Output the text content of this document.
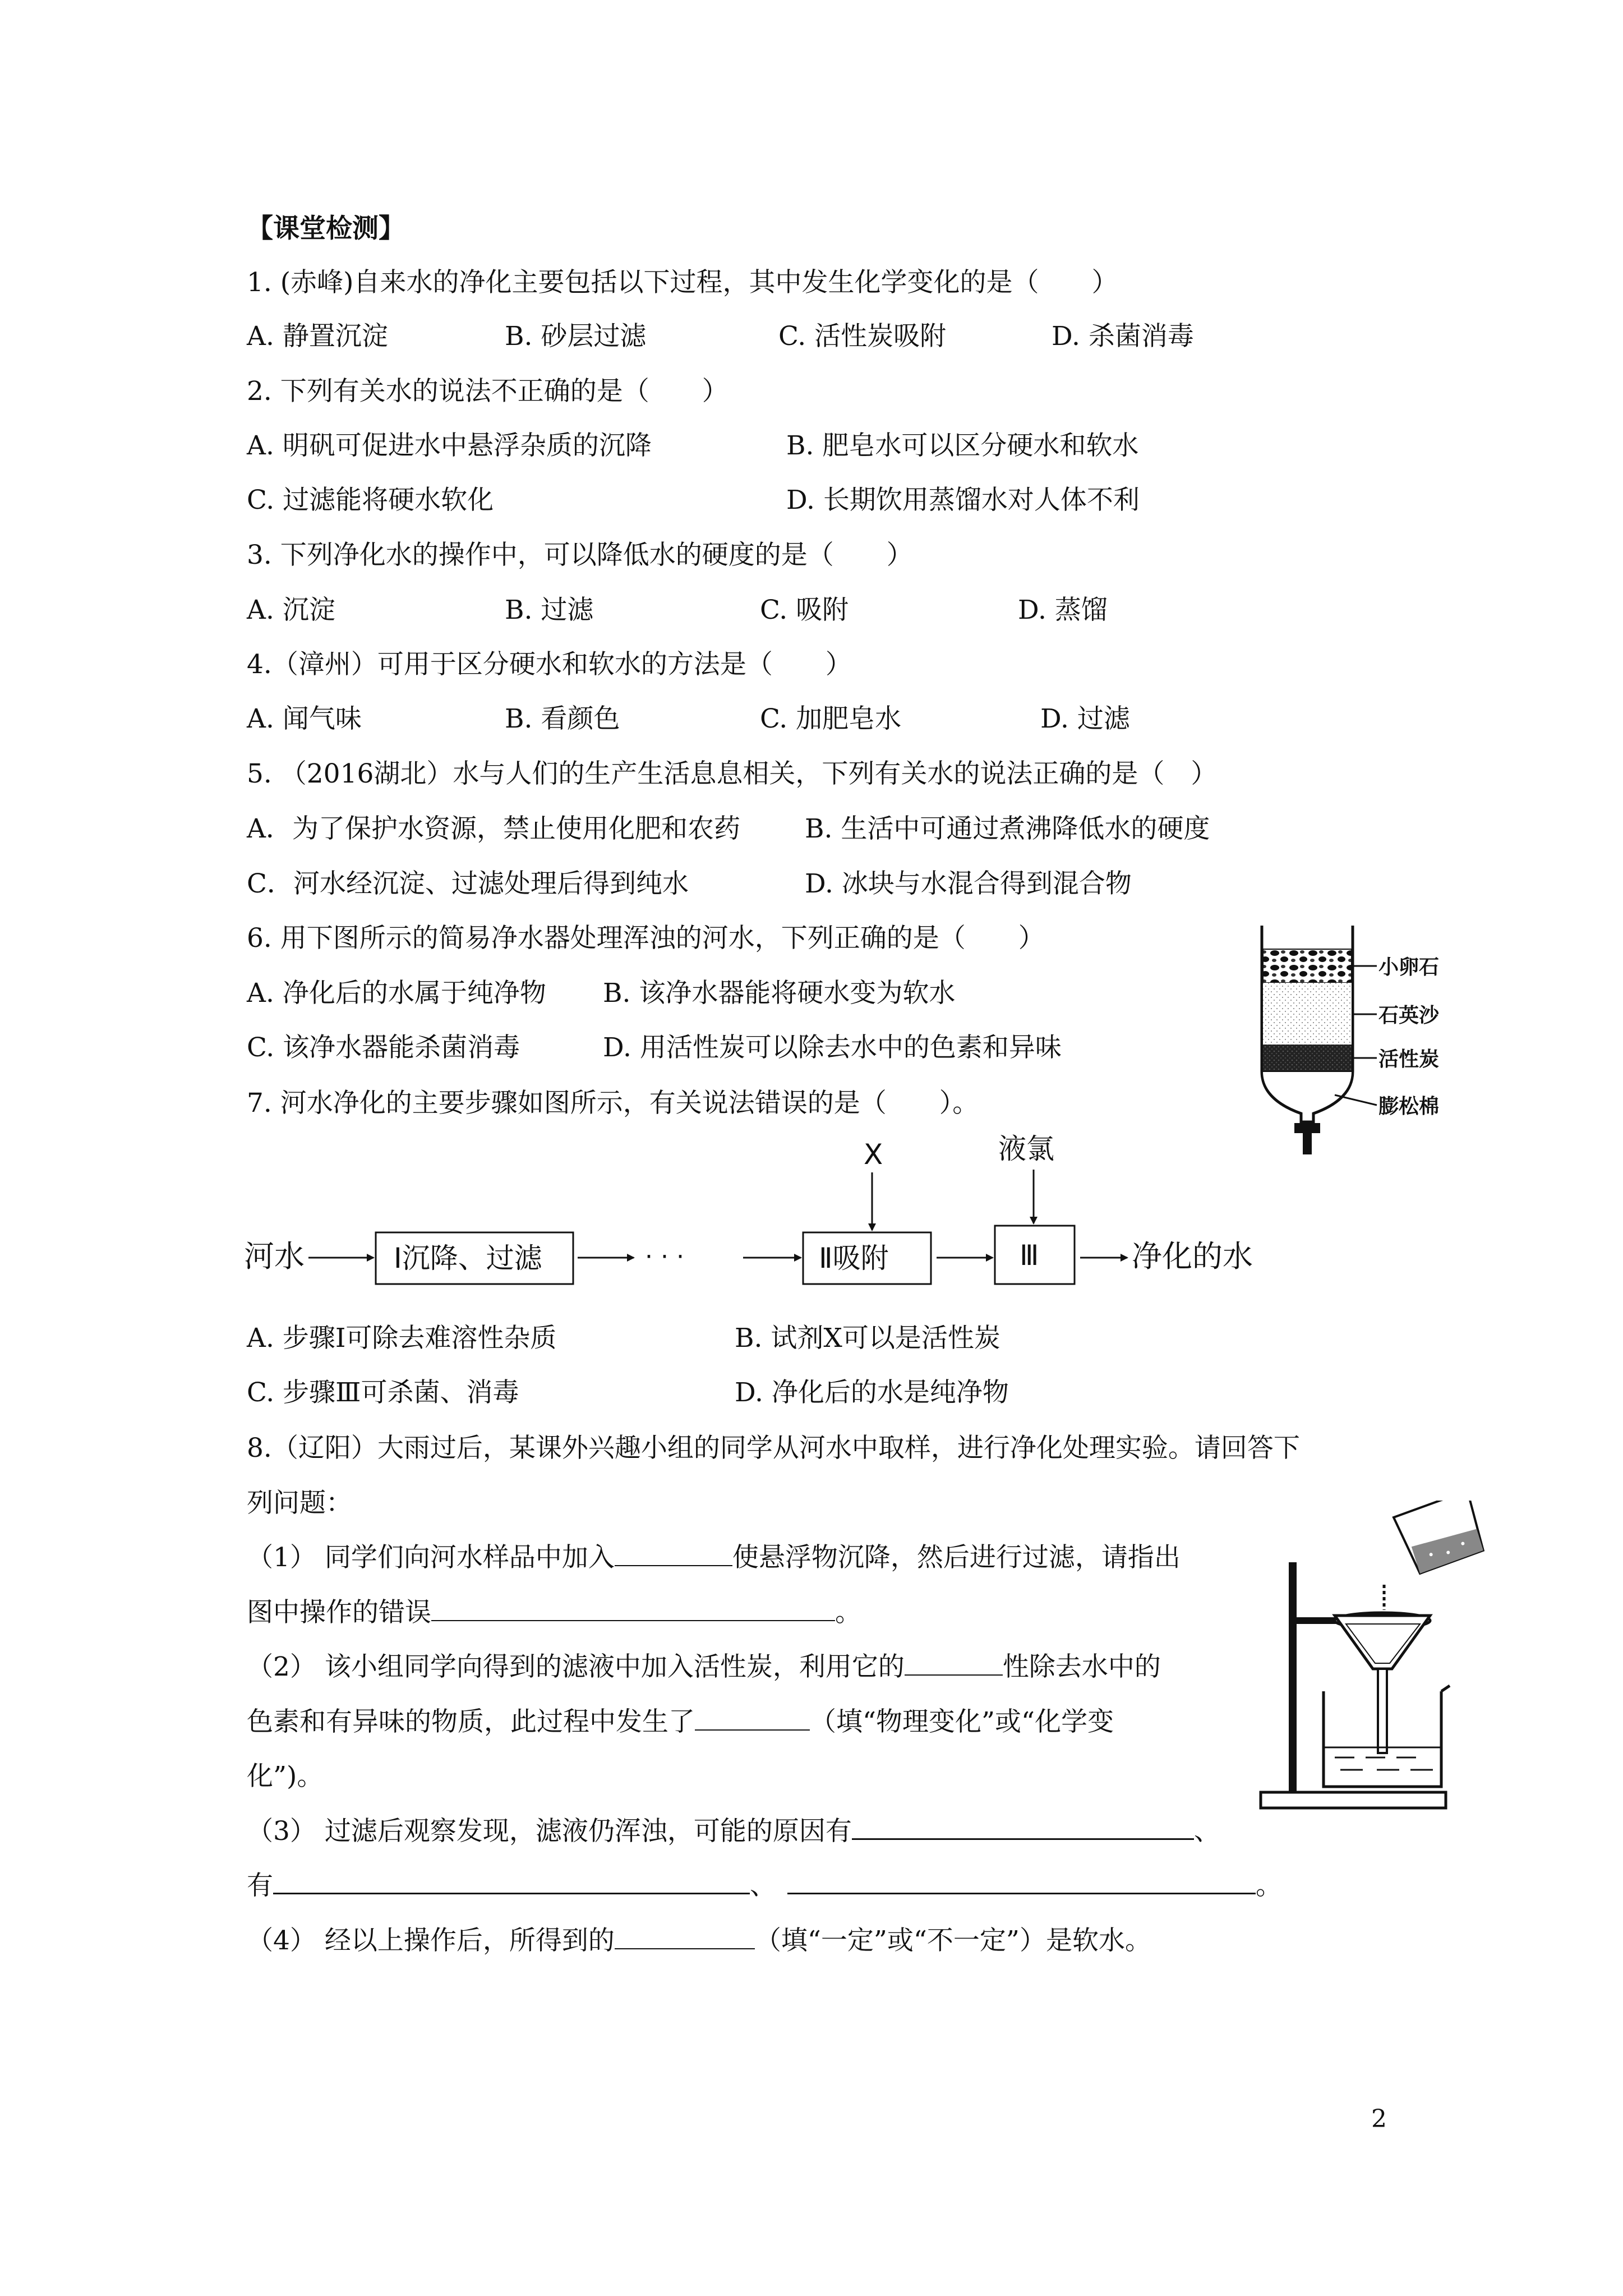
【课堂检测】
1. (赤峰)自来水的净化主要包括以下过程，其中发生化学变化的是（　　）
A. 静置沉淀	B. 砂层过滤	C. 活性炭吸附	D. 杀菌消毒
2. 下列有关水的说法不正确的是（　　）
A. 明矾可促进水中悬浮杂质的沉降	B. 肥皂水可以区分硬水和软水
C. 过滤能将硬水软化	D. 长期饮用蒸馏水对人体不利
3. 下列净化水的操作中，可以降低水的硬度的是（　　）
A. 沉淀	B. 过滤	C. 吸附	D. 蒸馏
4.（漳州）可用于区分硬水和软水的方法是（　　）
A. 闻气味	B. 看颜色	C. 加肥皂水	D. 过滤
5. （2016湖北）水与人们的生产生活息息相关，下列有关水的说法正确的是（　）
A．为了保护水资源，禁止使用化肥和农药 B. 生活中可通过煮沸降低水的硬度
C．河水经沉淀、过滤处理后得到纯水	D. 冰块与水混合得到混合物
6. 用下图所示的简易净水器处理浑浊的河水，下列正确的是（　　）
A. 净化后的水属于纯净物 B. 该净水器能将硬水变为软水
C. 该净水器能杀菌消毒	D. 用活性炭可以除去水中的色素和异味
小卵石
石英沙
活性炭
膨松棉
7. 河水净化的主要步骤如图所示，有关说法错误的是（　　）。
河水	Ⅰ沉降、过滤	· · ·
X
Ⅱ吸附
液氯
Ⅲ	净化的水
A. 步骤Ⅰ可除去难溶性杂质	B. 试剂X可以是活性炭
C. 步骤Ⅲ可杀菌、消毒	D. 净化后的水是纯净物
8.（辽阳）大雨过后，某课外兴趣小组的同学从河水中取样，进行净化处理实验。请回答下
列问题：
（1） 同学们向河水样品中加入	使悬浮物沉降，然后进行过滤，请指出
图中操作的错误	。
（2） 该小组同学向得到的滤液中加入活性炭，利用它的	性除去水中的
色素和有异味的物质，此过程中发生了	（填“物理变化”或“化学变
化”)。
（3） 过滤后观察发现，滤液仍浑浊，可能的原因有	、
有	、	。
（4） 经以上操作后，所得到的	（填“一定”或“不一定”）是软水。
2
